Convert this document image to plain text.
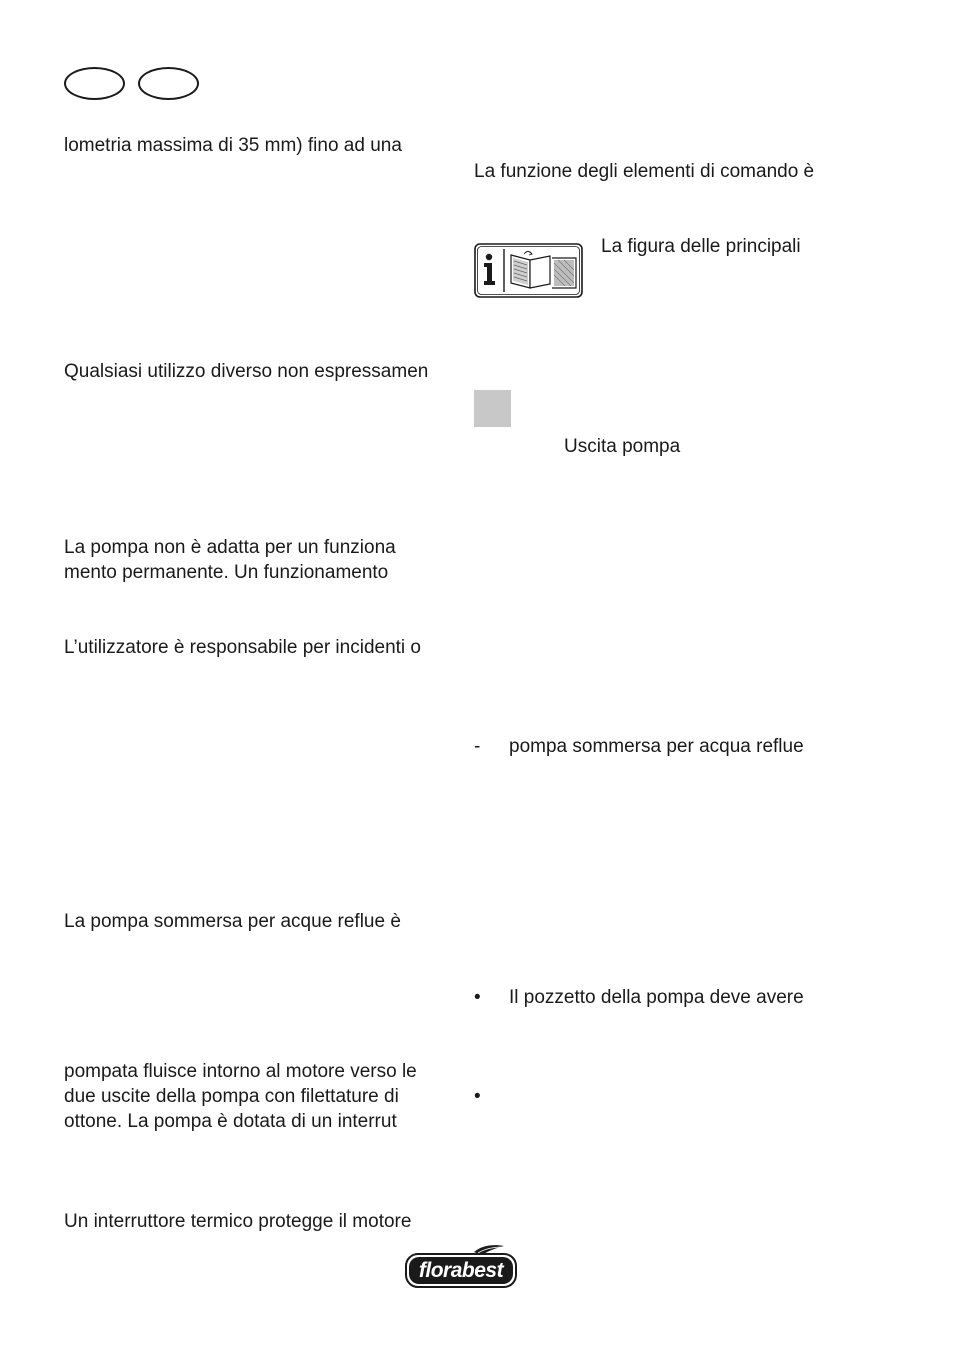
lometria massima di 35 mm) fino ad una
Qualsiasi utilizzo diverso non espressamen
La pompa non è adatta per un funziona
mento permanente. Un funzionamento
L’utilizzatore è responsabile per incidenti o
La pompa sommersa per acque reflue è
pompata fluisce intorno al motore verso le
due uscite della pompa con filettature di
ottone. La pompa è dotata di un interrut
Un interruttore termico protegge il motore
La funzione degli elementi di comando è
La figura delle principali
Uscita pompa
- pompa sommersa per acqua reflue
• Il pozzetto della pompa deve avere
•
florabest
